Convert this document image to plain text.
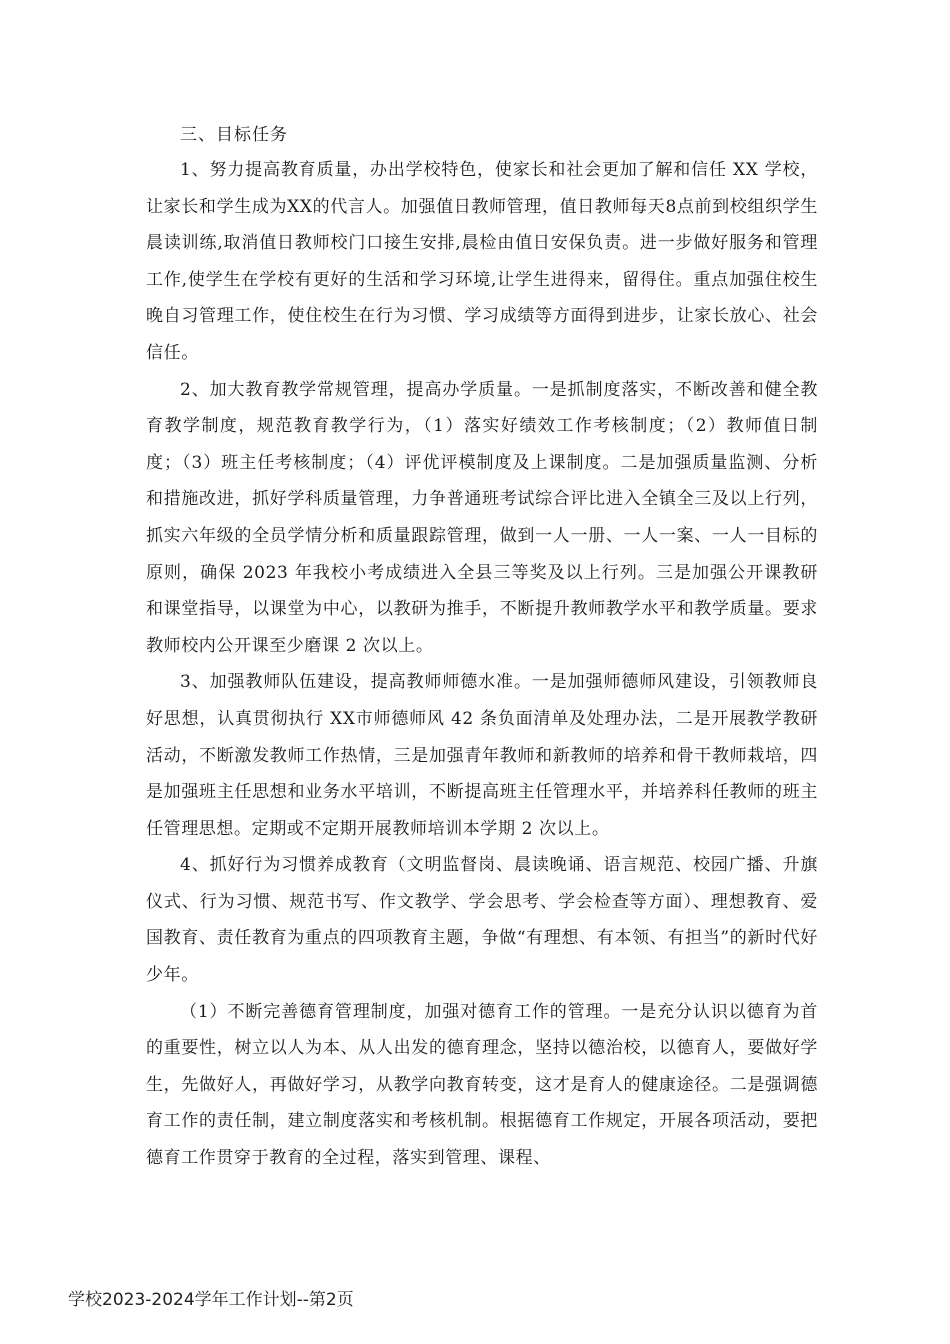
三、目标任务

1、努力提高教育质量，办出学校特色，使家长和社会更加了解和信任 XX 学校，让家长和学生成为XX的代言人。加强值日教师管理，值日教师每天8点前到校组织学生晨读训练,取消值日教师校门口接生安排,晨检由值日安保负责。进一步做好服务和管理工作,使学生在学校有更好的生活和学习环境,让学生进得来，留得住。重点加强住校生晚自习管理工作，使住校生在行为习惯、学习成绩等方面得到进步，让家长放心、社会信任。

2、加大教育教学常规管理，提高办学质量。一是抓制度落实，不断改善和健全教育教学制度，规范教育教学行为，（1）落实好绩效工作考核制度；（2）教师值日制度；（3）班主任考核制度；（4）评优评模制度及上课制度。二是加强质量监测、分析和措施改进，抓好学科质量管理，力争普通班考试综合评比进入全镇全三及以上行列，抓实六年级的全员学情分析和质量跟踪管理，做到一人一册、一人一案、一人一目标的原则，确保 2023 年我校小考成绩进入全县三等奖及以上行列。三是加强公开课教研和课堂指导，以课堂为中心，以教研为推手，不断提升教师教学水平和教学质量。要求教师校内公开课至少磨课 2 次以上。

3、加强教师队伍建设，提高教师师德水准。一是加强师德师风建设，引领教师良好思想，认真贯彻执行 XX市师德师风 42 条负面清单及处理办法，二是开展教学教研活动，不断激发教师工作热情，三是加强青年教师和新教师的培养和骨干教师栽培，四是加强班主任思想和业务水平培训，不断提高班主任管理水平，并培养科任教师的班主任管理思想。定期或不定期开展教师培训本学期 2 次以上。

4、抓好行为习惯养成教育（文明监督岗、晨读晚诵、语言规范、校园广播、升旗仪式、行为习惯、规范书写、作文教学、学会思考、学会检查等方面）、理想教育、爱国教育、责任教育为重点的四项教育主题，争做“有理想、有本领、有担当”的新时代好少年。

（1）不断完善德育管理制度，加强对德育工作的管理。一是充分认识以德育为首的重要性，树立以人为本、从人出发的德育理念，坚持以德治校，以德育人，要做好学生，先做好人，再做好学习，从教学向教育转变，这才是育人的健康途径。二是强调德育工作的责任制，建立制度落实和考核机制。根据德育工作规定，开展各项活动，要把德育工作贯穿于教育的全过程，落实到管理、课程、

学校2023-2024学年工作计划--第2页
